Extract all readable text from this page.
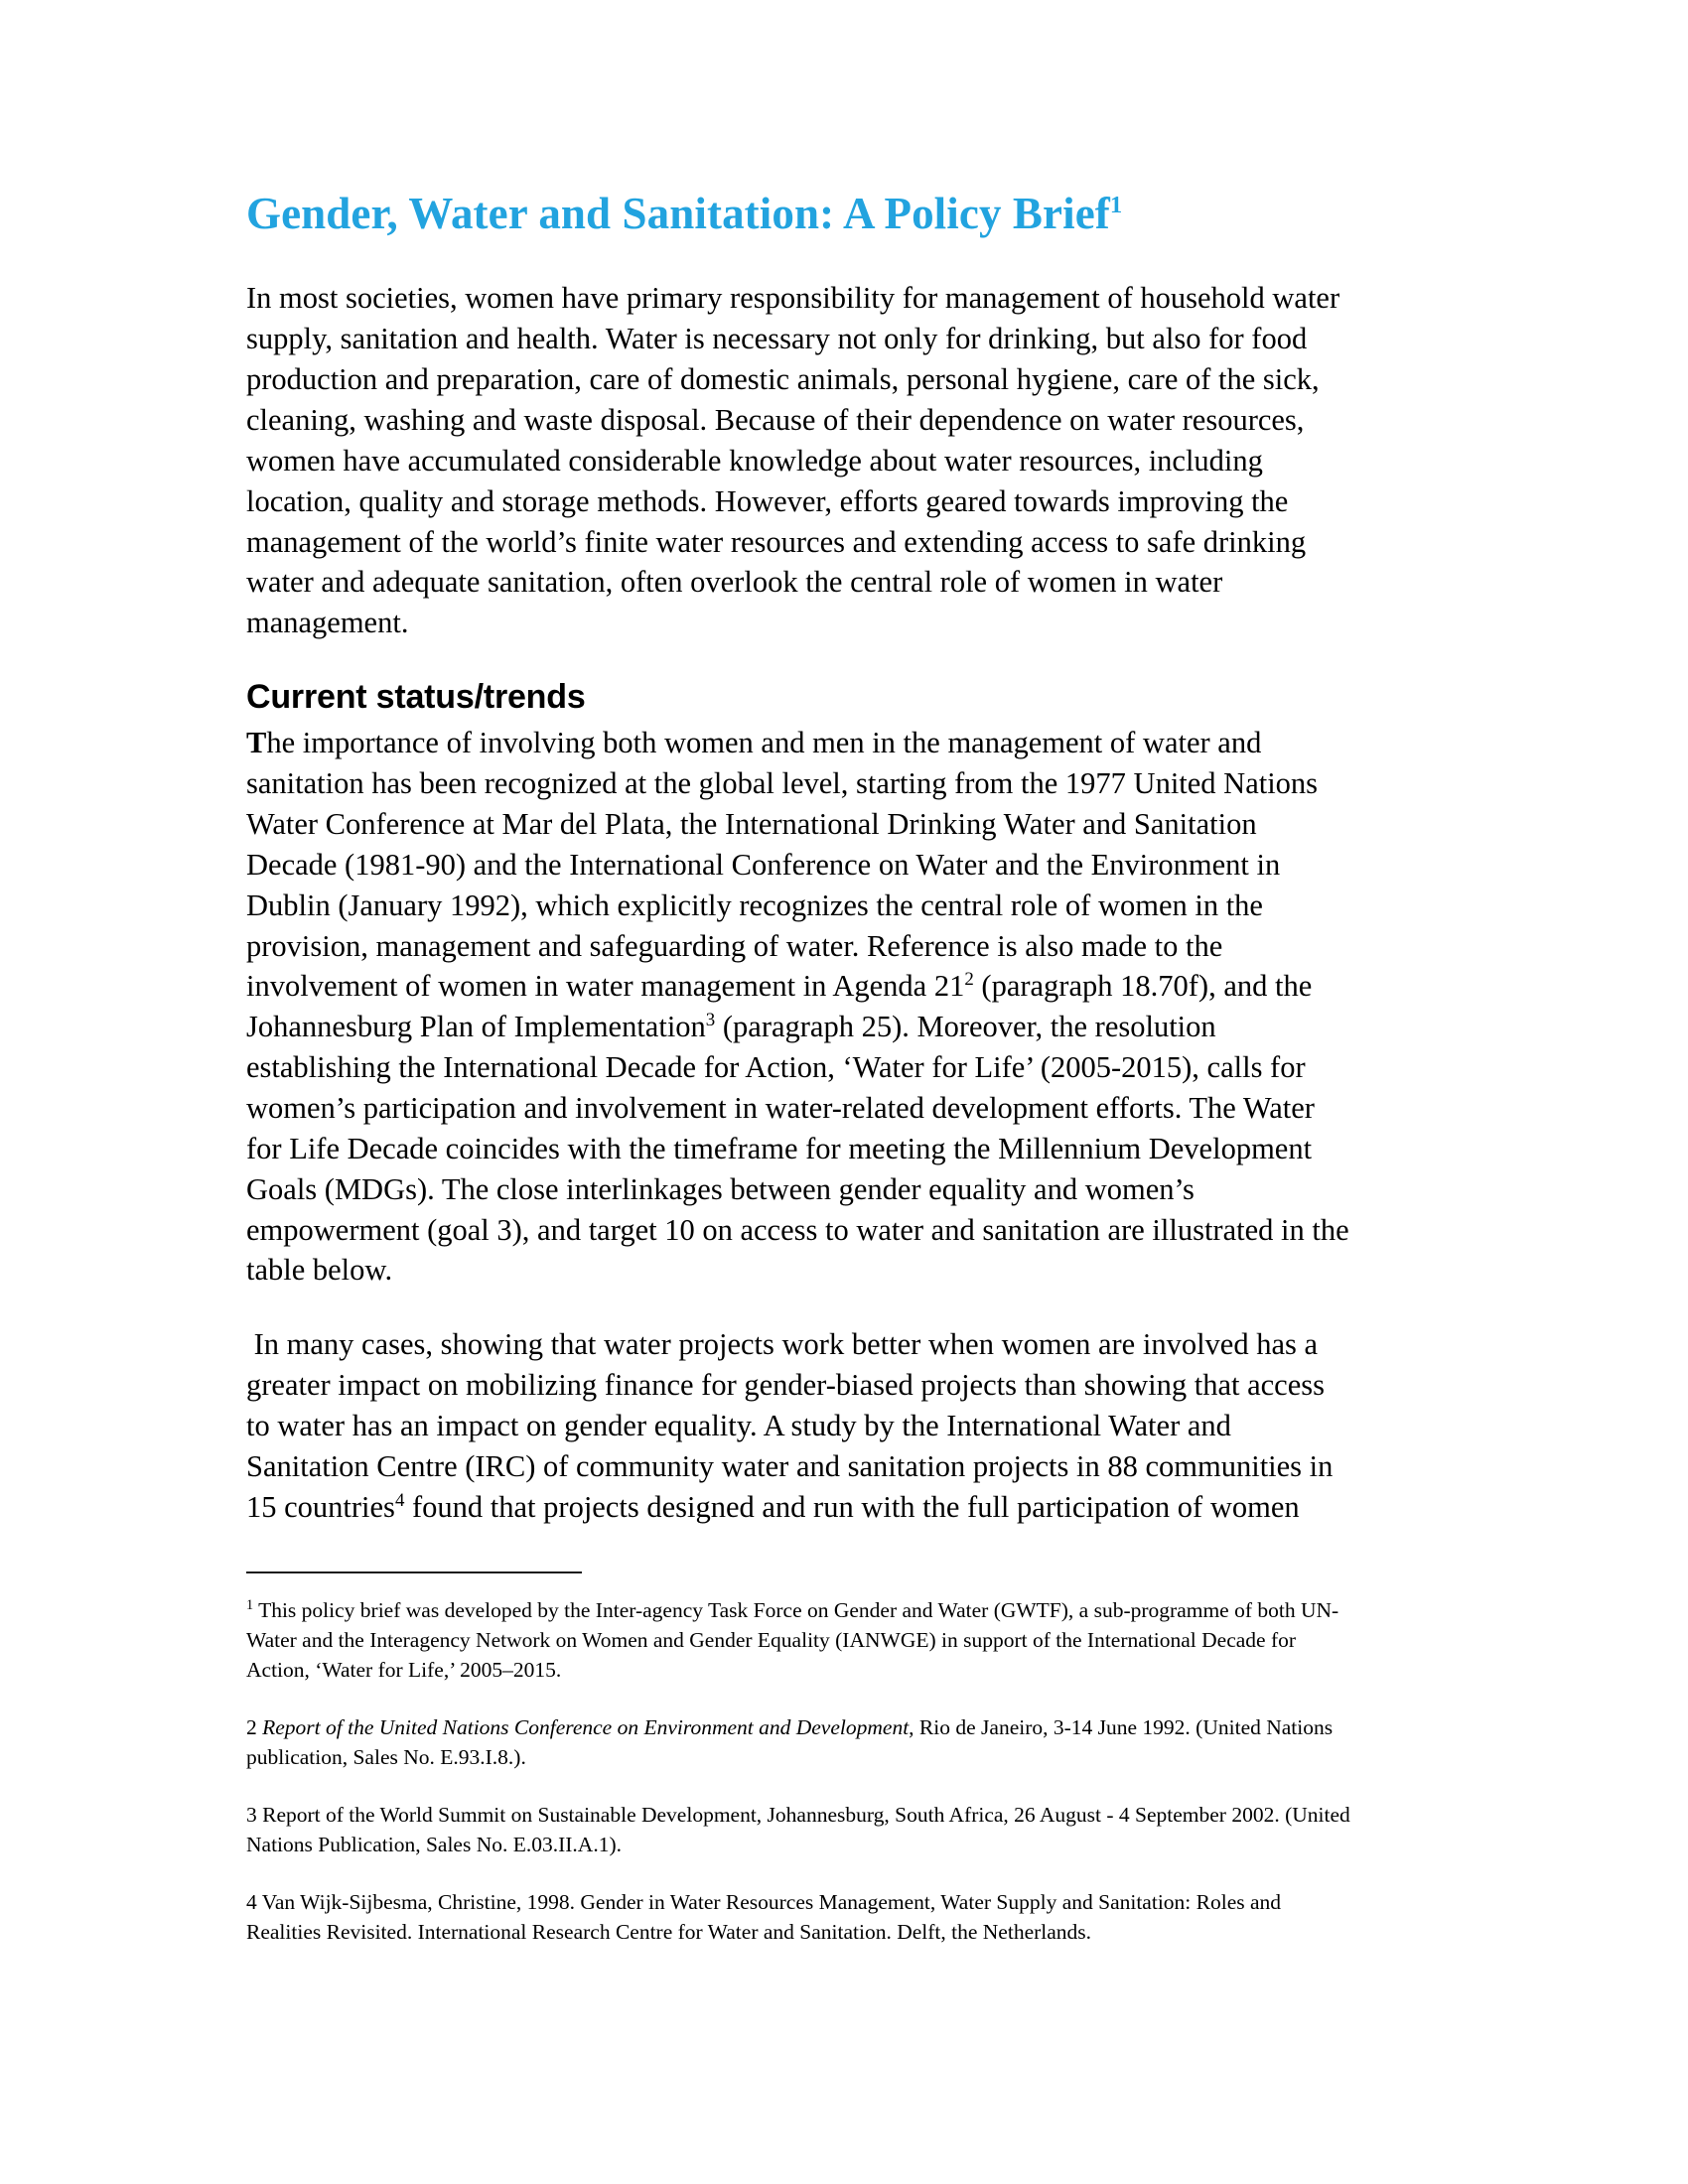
Gender, Water and Sanitation: A Policy Brief$^1$

In most societies, women have primary responsibility for management of household water supply, sanitation and health. Water is necessary not only for drinking, but also for food production and preparation, care of domestic animals, personal hygiene, care of the sick, cleaning, washing and waste disposal. Because of their dependence on water resources, women have accumulated considerable knowledge about water resources, including location, quality and storage methods. However, efforts geared towards improving the management of the world’s finite water resources and extending access to safe drinking water and adequate sanitation, often overlook the central role of women in water management.

Current status/trends

The importance of involving both women and men in the management of water and sanitation has been recognized at the global level, starting from the 1977 United Nations Water Conference at Mar del Plata, the International Drinking Water and Sanitation Decade (1981-90) and the International Conference on Water and the Environment in Dublin (January 1992), which explicitly recognizes the central role of women in the provision, management and safeguarding of water. Reference is also made to the involvement of women in water management in Agenda $21^2$ (paragraph 18.70f), and the Johannesburg Plan of Implementation$^3$ (paragraph 25). Moreover, the resolution establishing the International Decade for Action, ‘Water for Life’ (2005-2015), calls for women’s participation and involvement in water-related development efforts. The Water for Life Decade coincides with the timeframe for meeting the Millennium Development Goals (MDGs). The close interlinkages between gender equality and women’s empowerment (goal 3), and target 10 on access to water and sanitation are illustrated in the table below.

In many cases, showing that water projects work better when women are involved has a greater impact on mobilizing finance for gender-biased projects than showing that access to water has an impact on gender equality. A study by the International Water and Sanitation Centre (IRC) of community water and sanitation projects in 88 communities in 15 countries$^4$ found that projects designed and run with the full participation of women

$^1$ This policy brief was developed by the Inter-agency Task Force on Gender and Water (GWTF), a sub-programme of both UN-Water and the Interagency Network on Women and Gender Equality (IANWGE) in support of the International Decade for Action, ‘Water for Life,’ 2005–2015.

2 Report of the United Nations Conference on Environment and Development, Rio de Janeiro, 3-14 June 1992. (United Nations publication, Sales No. E.93.I.8.).

3 Report of the World Summit on Sustainable Development, Johannesburg, South Africa, 26 August - 4 September 2002. (United Nations Publication, Sales No. E.03.II.A.1).

4 Van Wijk-Sijbesma, Christine, 1998. Gender in Water Resources Management, Water Supply and Sanitation: Roles and Realities Revisited. International Research Centre for Water and Sanitation. Delft, the Netherlands.
